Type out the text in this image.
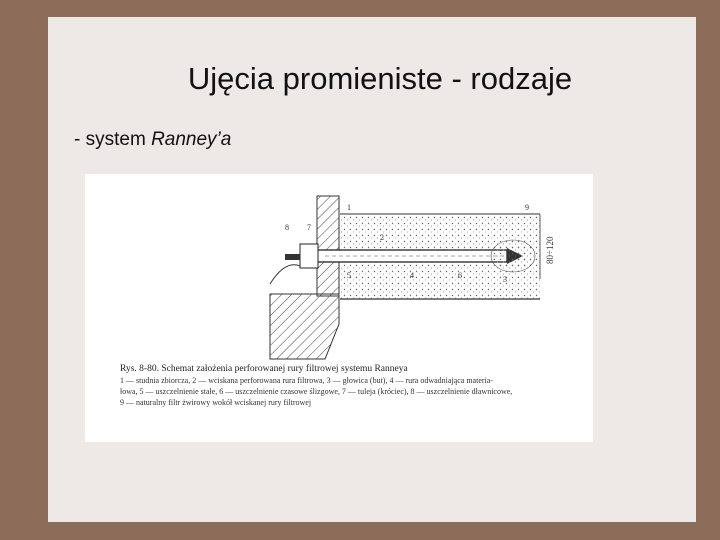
Ujęcia promieniste - rodzaje
- system Ranney’a
80÷120
1
2
3
4
5	6
7
8
9
Rys. 8-80. Schemat założenia perforowanej rury filtrowej systemu Ranneya
1 — studnia zbiorcza, 2 — wciskana perforowana rura filtrowa, 3 — głowica (but), 4 — rura odwadniająca materia-
łowa, 5 — uszczelnienie stałe, 6 — uszczelnienie czasowe ślizgowe, 7 — tuleja (króciec), 8 — uszczelnienie dławnicowe,
9 — naturalny filtr żwirowy wokół wciskanej rury filtrowej
